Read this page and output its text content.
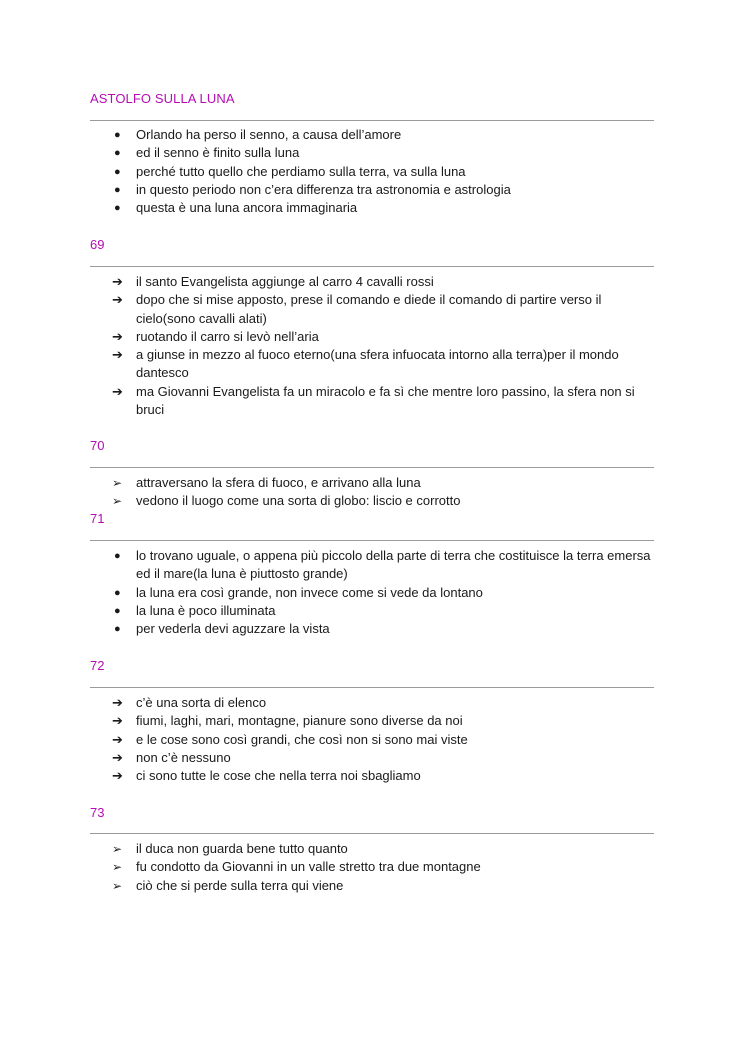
ASTOLFO SULLA LUNA
●	Orlando ha perso il senno, a causa dell’amore
●	ed il senno è finito sulla luna
●	perché tutto quello che perdiamo sulla terra, va sulla luna
●	in questo periodo non c’era differenza tra astronomia e astrologia
●	questa è una luna ancora immaginaria
69
➔	il santo Evangelista aggiunge al carro 4 cavalli rossi
➔	dopo che si mise apposto, prese il comando e diede il comando di partire verso il cielo(sono cavalli alati)
➔	ruotando il carro si levò nell’aria
➔	a giunse in mezzo al fuoco eterno(una sfera infuocata intorno alla terra)per il mondo dantesco
➔	ma Giovanni Evangelista fa un miracolo e fa sì che mentre loro passino, la sfera non si bruci
70
➢	attraversano la sfera di fuoco, e arrivano alla luna
➢	vedono il luogo come una sorta di globo: liscio e corrotto
71
●	lo trovano uguale, o appena più piccolo della parte di terra che costituisce la terra emersa ed il mare(la luna è piuttosto grande)
●	la luna era così grande, non invece come si vede da lontano
●	la luna è poco illuminata
●	per vederla devi aguzzare la vista
72
➔	c’è una sorta di elenco
➔	fiumi, laghi, mari, montagne, pianure sono diverse da noi
➔	e le cose sono così grandi, che così non si sono mai viste
➔	non c’è nessuno
➔	ci sono tutte le cose che nella terra noi sbagliamo
73
➢	il duca non guarda bene tutto quanto
➢	fu condotto da Giovanni in un valle stretto tra due montagne
➢	ciò che si perde sulla terra qui viene
